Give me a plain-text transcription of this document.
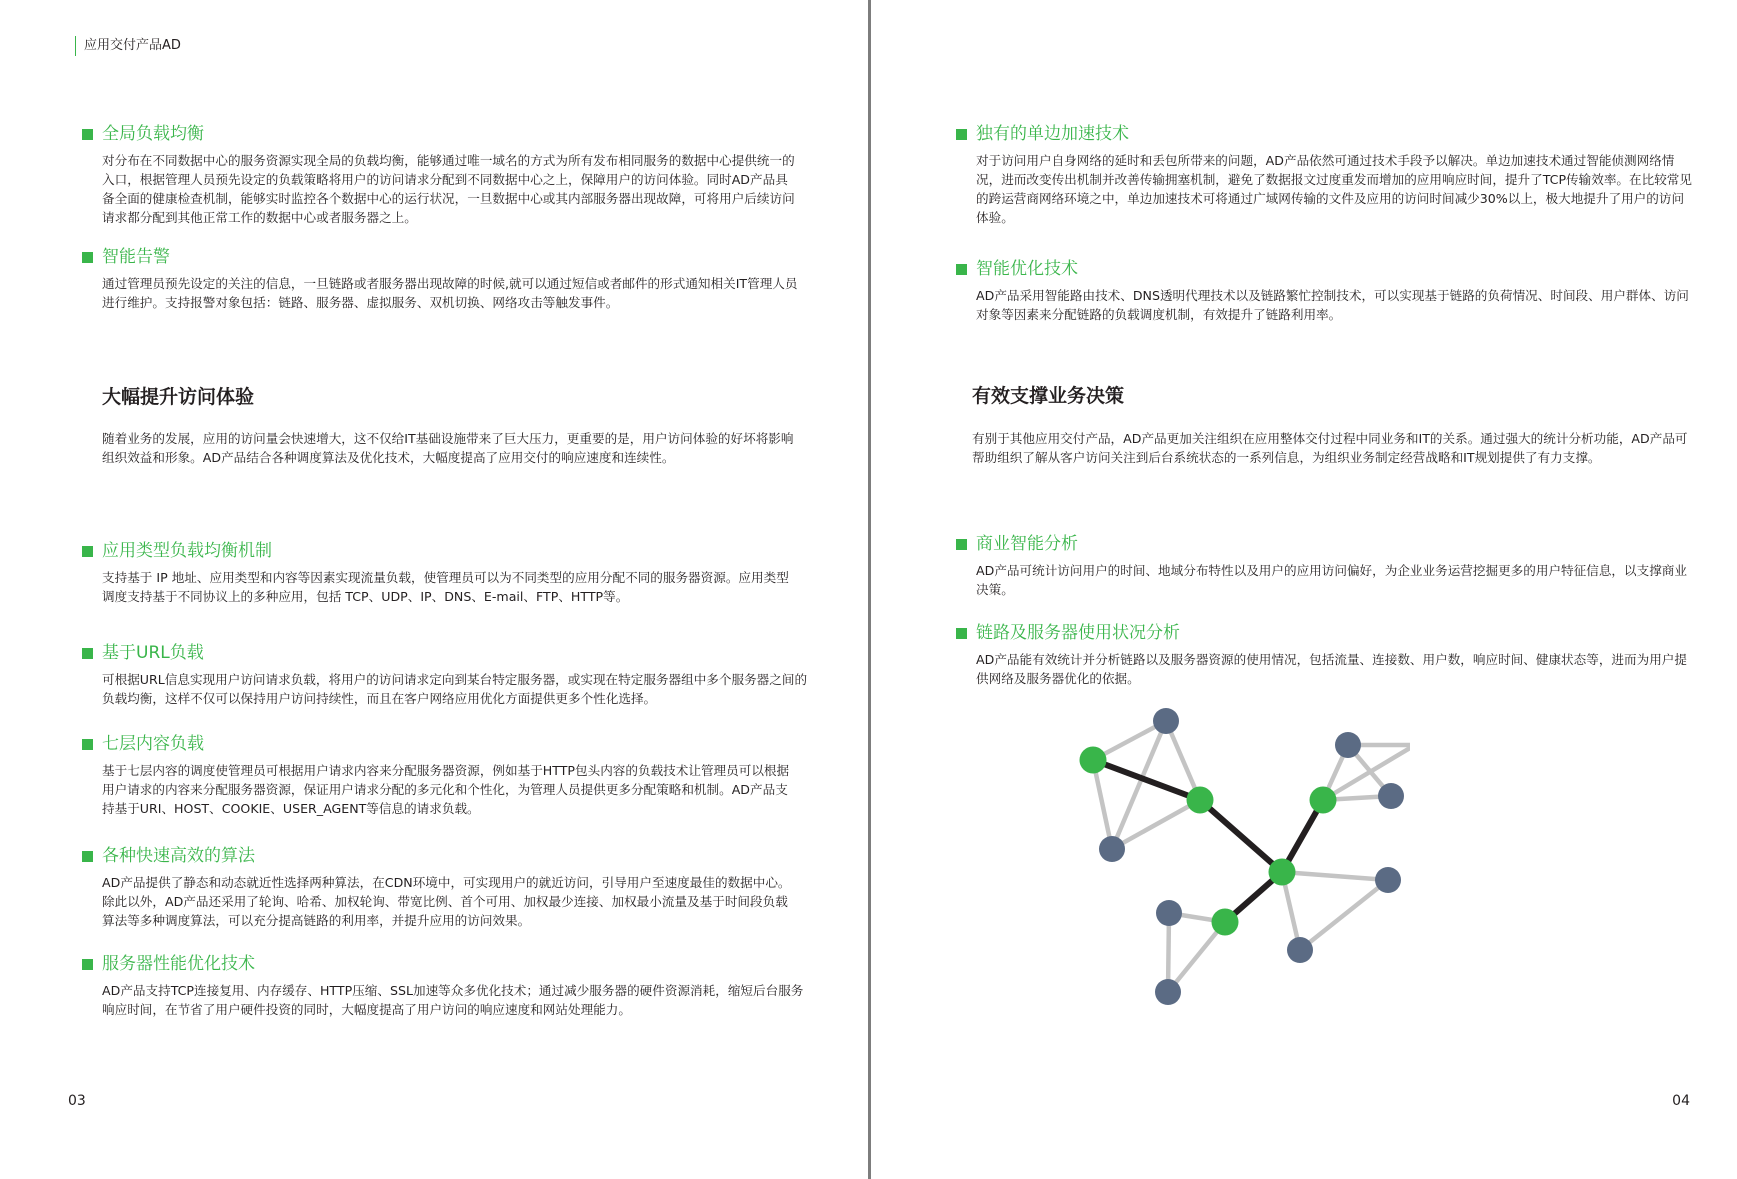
应用交付产品AD
全局负载均衡
对分布在不同数据中心的服务资源实现全局的负载均衡，能够通过唯一域名的方式为所有发布相同服务的数据中心提供统一的入口，根据管理人员预先设定的负载策略将用户的访问请求分配到不同数据中心之上，保障用户的访问体验。同时AD产品具备全面的健康检查机制，能够实时监控各个数据中心的运行状况，一旦数据中心或其内部服务器出现故障，可将用户后续访问请求都分配到其他正常工作的数据中心或者服务器之上。
智能告警
通过管理员预先设定的关注的信息，一旦链路或者服务器出现故障的时候,就可以通过短信或者邮件的形式通知相关IT管理人员进行维护。支持报警对象包括：链路、服务器、虚拟服务、双机切换、网络攻击等触发事件。
大幅提升访问体验
随着业务的发展，应用的访问量会快速增大，这不仅给IT基础设施带来了巨大压力，更重要的是，用户访问体验的好坏将影响组织效益和形象。AD产品结合各种调度算法及优化技术，大幅度提高了应用交付的响应速度和连续性。
应用类型负载均衡机制
支持基于 IP 地址、应用类型和内容等因素实现流量负载，使管理员可以为不同类型的应用分配不同的服务器资源。应用类型调度支持基于不同协议上的多种应用，包括 TCP、UDP、IP、DNS、E-mail、FTP、HTTP等。
基于URL负载
可根据URL信息实现用户访问请求负载，将用户的访问请求定向到某台特定服务器，或实现在特定服务器组中多个服务器之间的负载均衡，这样不仅可以保持用户访问持续性，而且在客户网络应用优化方面提供更多个性化选择。
七层内容负载
基于七层内容的调度使管理员可根据用户请求内容来分配服务器资源，例如基于HTTP包头内容的负载技术让管理员可以根据用户请求的内容来分配服务器资源，保证用户请求分配的多元化和个性化，为管理人员提供更多分配策略和机制。AD产品支持基于URI、HOST、COOKIE、USER_AGENT等信息的请求负载。
各种快速高效的算法
AD产品提供了静态和动态就近性选择两种算法，在CDN环境中，可实现用户的就近访问，引导用户至速度最佳的数据中心。除此以外，AD产品还采用了轮询、哈希、加权轮询、带宽比例、首个可用、加权最少连接、加权最小流量及基于时间段负载算法等多种调度算法，可以充分提高链路的利用率，并提升应用的访问效果。
服务器性能优化技术
AD产品支持TCP连接复用、内存缓存、HTTP压缩、SSL加速等众多优化技术；通过减少服务器的硬件资源消耗，缩短后台服务响应时间，在节省了用户硬件投资的同时，大幅度提高了用户访问的响应速度和网站处理能力。
03
独有的单边加速技术
对于访问用户自身网络的延时和丢包所带来的问题，AD产品依然可通过技术手段予以解决。单边加速技术通过智能侦测网络情况，进而改变传出机制并改善传输拥塞机制，避免了数据报文过度重发而增加的应用响应时间，提升了TCP传输效率。在比较常见的跨运营商网络环境之中，单边加速技术可将通过广域网传输的文件及应用的访问时间减少30%以上，极大地提升了用户的访问体验。
智能优化技术
AD产品采用智能路由技术、DNS透明代理技术以及链路繁忙控制技术，可以实现基于链路的负荷情况、时间段、用户群体、访问对象等因素来分配链路的负载调度机制，有效提升了链路利用率。
有效支撑业务决策
有别于其他应用交付产品，AD产品更加关注组织在应用整体交付过程中同业务和IT的关系。通过强大的统计分析功能，AD产品可帮助组织了解从客户访问关注到后台系统状态的一系列信息，为组织业务制定经营战略和IT规划提供了有力支撑。
商业智能分析
AD产品可统计访问用户的时间、地域分布特性以及用户的应用访问偏好，为企业业务运营挖掘更多的用户特征信息，以支撑商业决策。
链路及服务器使用状况分析
AD产品能有效统计并分析链路以及服务器资源的使用情况，包括流量、连接数、用户数，响应时间、健康状态等，进而为用户提供网络及服务器优化的依据。
04
